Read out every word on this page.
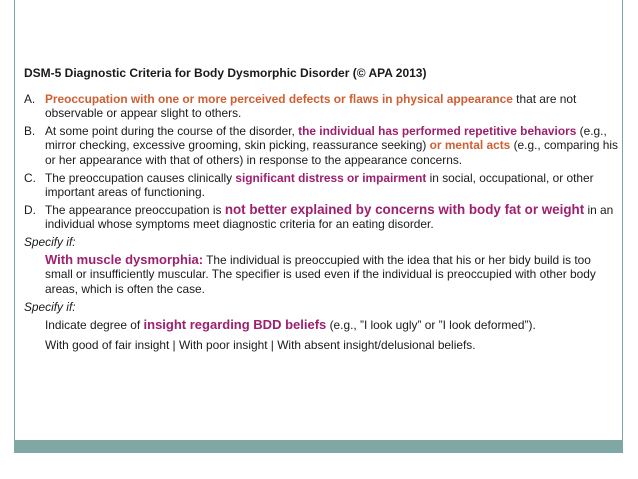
DSM-5 Diagnostic Criteria for Body Dysmorphic Disorder (© APA 2013)
A. Preoccupation with one or more perceived defects or flaws in physical appearance that are not observable or appear slight to others.
B. At some point during the course of the disorder, the individual has performed repetitive behaviors (e.g., mirror checking, excessive grooming, skin picking, reassurance seeking) or mental acts (e.g., comparing his or her appearance with that of others) in response to the appearance concerns.
C. The preoccupation causes clinically significant distress or impairment in social, occupational, or other important areas of functioning.
D. The appearance preoccupation is not better explained by concerns with body fat or weight in an individual whose symptoms meet diagnostic criteria for an eating disorder.
Specify if:
With muscle dysmorphia: The individual is preoccupied with the idea that his or her bidy build is too small or insufficiently muscular. The specifier is used even if the individual is preoccupied with other body areas, which is often the case.
Specify if:
Indicate degree of insight regarding BDD beliefs (e.g., ”I look ugly” or ”I look deformed”).
With good of fair insight | With poor insight | With absent insight/delusional beliefs.
